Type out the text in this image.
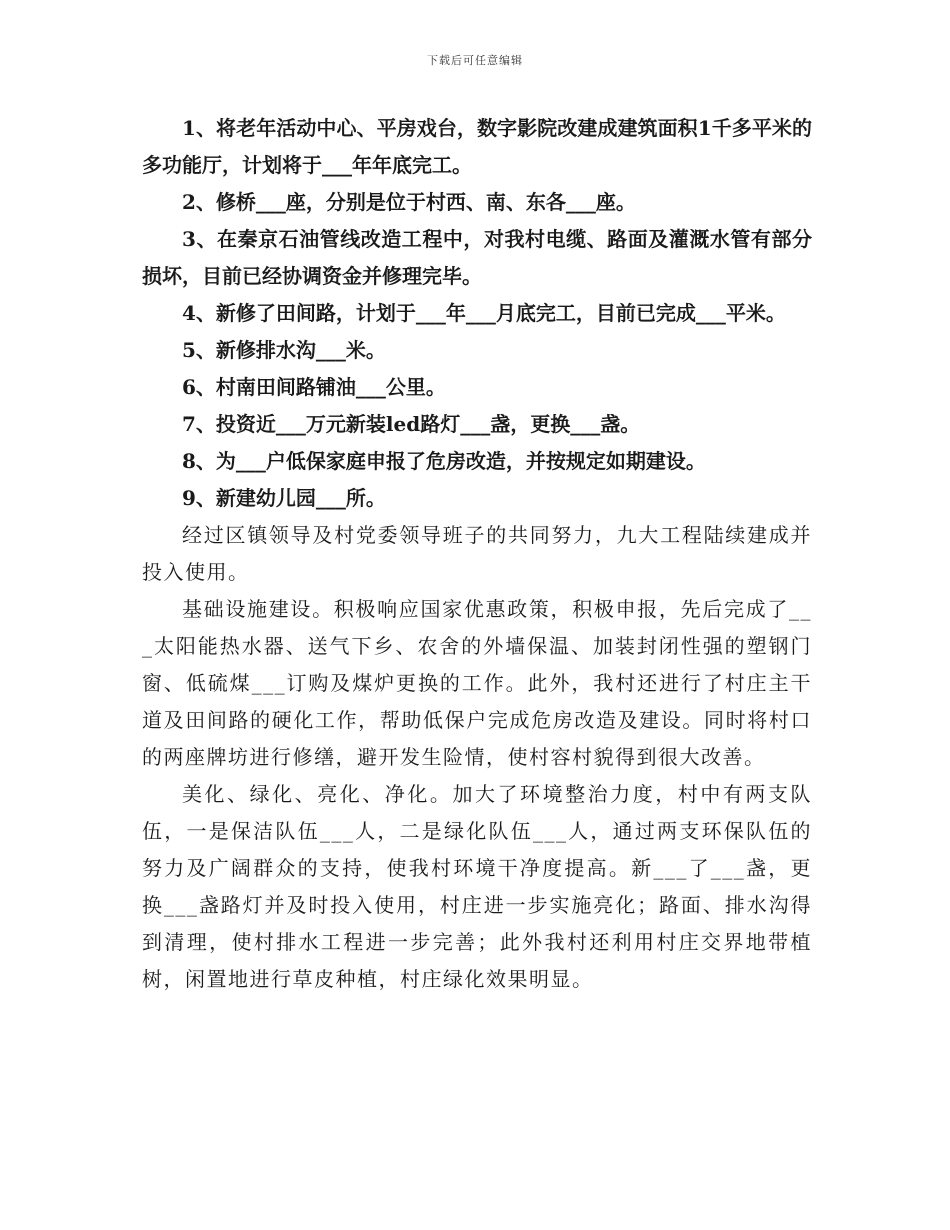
下载后可任意编辑

1、将老年活动中心、平房戏台，数字影院改建成建筑面积1千多平米的多功能厅，计划将于___年年底完工。

2、修桥___座，分别是位于村西、南、东各___座。

3、在秦京石油管线改造工程中，对我村电缆、路面及灌溉水管有部分损坏，目前已经协调资金并修理完毕。

4、新修了田间路，计划于___年___月底完工，目前已完成___平米。

5、新修排水沟___米。

6、村南田间路铺油___公里。

7、投资近___万元新装led路灯___盏，更换___盏。

8、为___户低保家庭申报了危房改造，并按规定如期建设。

9、新建幼儿园___所。

经过区镇领导及村党委领导班子的共同努力，九大工程陆续建成并投入使用。

基础设施建设。积极响应国家优惠政策，积极申报，先后完成了___太阳能热水器、送气下乡、农舍的外墙保温、加装封闭性强的塑钢门窗、低硫煤___订购及煤炉更换的工作。此外，我村还进行了村庄主干道及田间路的硬化工作，帮助低保户完成危房改造及建设。同时将村口的两座牌坊进行修缮，避开发生险情，使村容村貌得到很大改善。

美化、绿化、亮化、净化。加大了环境整治力度，村中有两支队伍，一是保洁队伍___人，二是绿化队伍___人，通过两支环保队伍的努力及广阔群众的支持，使我村环境干净度提高。新___了___盏，更换___盏路灯并及时投入使用，村庄进一步实施亮化；路面、排水沟得到清理，使村排水工程进一步完善；此外我村还利用村庄交界地带植树，闲置地进行草皮种植，村庄绿化效果明显。
